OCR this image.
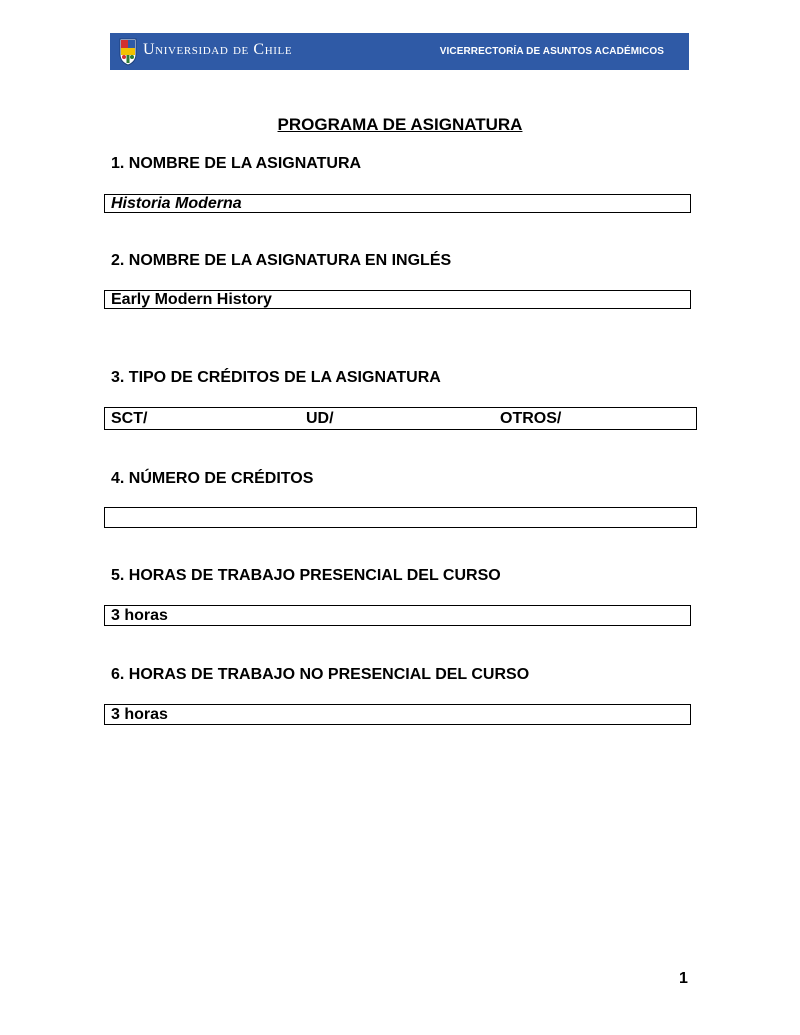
Universidad de Chile	VICERRECTORÍA DE ASUNTOS ACADÉMICOS
PROGRAMA DE ASIGNATURA
1. NOMBRE DE LA ASIGNATURA
Historia Moderna
2. NOMBRE DE LA ASIGNATURA EN INGLÉS
Early Modern History
3. TIPO DE CRÉDITOS DE LA ASIGNATURA
SCT/	UD/	OTROS/
4. NÚMERO DE CRÉDITOS
5. HORAS DE TRABAJO PRESENCIAL DEL CURSO
3 horas
6. HORAS DE TRABAJO NO PRESENCIAL DEL CURSO
3 horas
1
